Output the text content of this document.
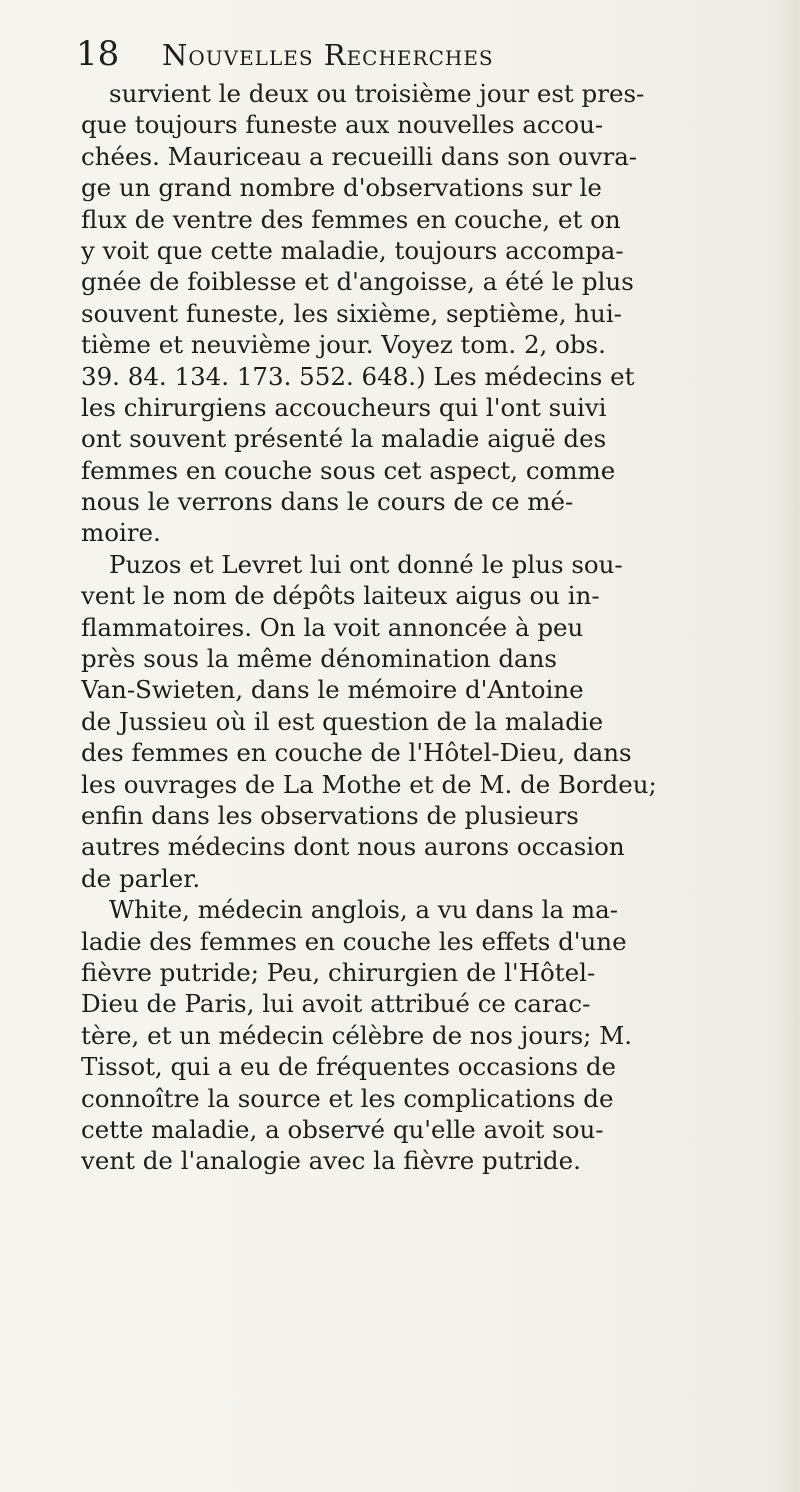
18	Nouvelles Recherches
survient le deux ou troisième jour est pres-
que toujours funeste aux nouvelles accou-
chées. Mauriceau a recueilli dans son ouvra-
ge un grand nombre d'observations sur le
flux de ventre des femmes en couche, et on
y voit que cette maladie, toujours accompa-
gnée de foiblesse et d'angoisse, a été le plus
souvent funeste, les sixième, septième, hui-
tième et neuvième jour. Voyez tom. 2, obs.
39. 84. 134. 173. 552. 648.) Les médecins et
les chirurgiens accoucheurs qui l'ont suivi
ont souvent présenté la maladie aiguë des
femmes en couche sous cet aspect, comme
nous le verrons dans le cours de ce mé-
moire.
Puzos et Levret lui ont donné le plus sou-
vent le nom de dépôts laiteux aigus ou in-
flammatoires. On la voit annoncée à peu
près sous la même dénomination dans
Van-Swieten, dans le mémoire d'Antoine
de Jussieu où il est question de la maladie
des femmes en couche de l'Hôtel-Dieu, dans
les ouvrages de La Mothe et de M. de Bordeu;
enfin dans les observations de plusieurs
autres médecins dont nous aurons occasion
de parler.
White, médecin anglois, a vu dans la ma-
ladie des femmes en couche les effets d'une
fièvre putride; Peu, chirurgien de l'Hôtel-
Dieu de Paris, lui avoit attribué ce carac-
tère, et un médecin célèbre de nos jours; M.
Tissot, qui a eu de fréquentes occasions de
connoître la source et les complications de
cette maladie, a observé qu'elle avoit sou-
vent de l'analogie avec la fièvre putride.
